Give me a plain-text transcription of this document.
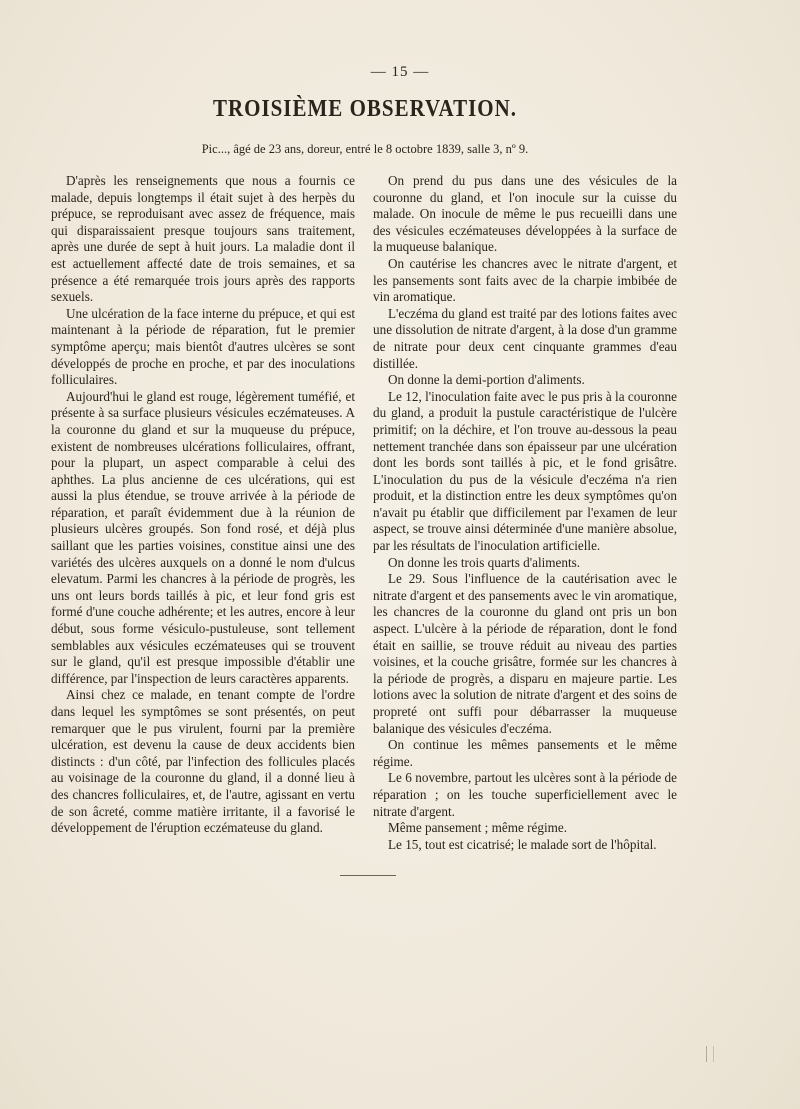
— 15 —
TROISIÈME OBSERVATION.
Pic..., âgé de 23 ans, doreur, entré le 8 octobre 1839, salle 3, nº 9.

D'après les renseignements que nous a fournis ce malade, depuis longtemps il était sujet à des herpès du prépuce, se reproduisant avec assez de fréquence, mais qui disparaissaient presque toujours sans traitement, après une durée de sept à huit jours. La maladie dont il est actuellement affecté date de trois semaines, et sa présence a été remarquée trois jours après des rapports sexuels.

Une ulcération de la face interne du prépuce, et qui est maintenant à la période de réparation, fut le premier symptôme aperçu; mais bientôt d'autres ulcères se sont développés de proche en proche, et par des inoculations folliculaires.

Aujourd'hui le gland est rouge, légèrement tuméfié, et présente à sa surface plusieurs vésicules eczémateuses. A la couronne du gland et sur la muqueuse du prépuce, existent de nombreuses ulcérations folliculaires, offrant, pour la plupart, un aspect comparable à celui des aphthes. La plus ancienne de ces ulcérations, qui est aussi la plus étendue, se trouve arrivée à la période de réparation, et paraît évidemment due à la réunion de plusieurs ulcères groupés. Son fond rosé, et déjà plus saillant que les parties voisines, constitue ainsi une des variétés des ulcères auxquels on a donné le nom d'ulcus elevatum. Parmi les chancres à la période de progrès, les uns ont leurs bords taillés à pic, et leur fond gris est formé d'une couche adhérente; et les autres, encore à leur début, sous forme vésiculo-pustuleuse, sont tellement semblables aux vésicules eczémateuses qui se trouvent sur le gland, qu'il est presque impossible d'établir une différence, par l'inspection de leurs caractères apparents.

Ainsi chez ce malade, en tenant compte de l'ordre dans lequel les symptômes se sont présentés, on peut remarquer que le pus virulent, fourni par la première ulcération, est devenu la cause de deux accidents bien distincts : d'un côté, par l'infection des follicules placés au voisinage de la couronne du gland, il a donné lieu à des chancres folliculaires, et, de l'autre, agissant en vertu de son âcreté, comme matière irritante, il a favorisé le développement de l'éruption eczémateuse du gland.

On prend du pus dans une des vésicules de la couronne du gland, et l'on inocule sur la cuisse du malade. On inocule de même le pus recueilli dans une des vésicules eczémateuses développées à la surface de la muqueuse balanique.

On cautérise les chancres avec le nitrate d'argent, et les pansements sont faits avec de la charpie imbibée de vin aromatique.

L'eczéma du gland est traité par des lotions faites avec une dissolution de nitrate d'argent, à la dose d'un gramme de nitrate pour deux cent cinquante grammes d'eau distillée.

On donne la demi-portion d'aliments.

Le 12, l'inoculation faite avec le pus pris à la couronne du gland, a produit la pustule caractéristique de l'ulcère primitif; on la déchire, et l'on trouve au-dessous la peau nettement tranchée dans son épaisseur par une ulcération dont les bords sont taillés à pic, et le fond grisâtre. L'inoculation du pus de la vésicule d'eczéma n'a rien produit, et la distinction entre les deux symptômes qu'on n'avait pu établir que difficilement par l'examen de leur aspect, se trouve ainsi déterminée d'une manière absolue, par les résultats de l'inoculation artificielle.

On donne les trois quarts d'aliments.

Le 29. Sous l'influence de la cautérisation avec le nitrate d'argent et des pansements avec le vin aromatique, les chancres de la couronne du gland ont pris un bon aspect. L'ulcère à la période de réparation, dont le fond était en saillie, se trouve réduit au niveau des parties voisines, et la couche grisâtre, formée sur les chancres à la période de progrès, a disparu en majeure partie. Les lotions avec la solution de nitrate d'argent et des soins de propreté ont suffi pour débarrasser la muqueuse balanique des vésicules d'eczéma.

On continue les mêmes pansements et le même régime.

Le 6 novembre, partout les ulcères sont à la période de réparation ; on les touche superficiellement avec le nitrate d'argent.

Même pansement ; même régime.

Le 15, tout est cicatrisé; le malade sort de l'hôpital.
